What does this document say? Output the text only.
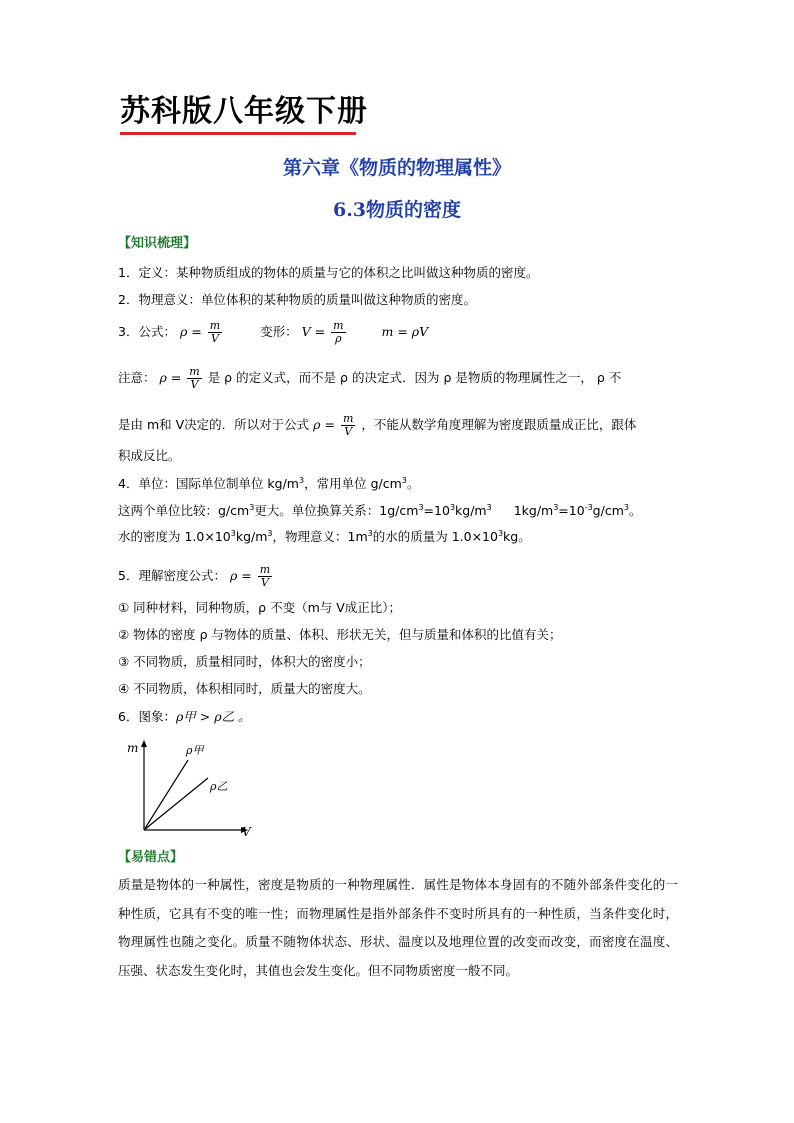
苏科版八年级下册
第六章《物质的物理属性》
6.3物质的密度
【知识梳理】
1．定义：某种物质组成的物体的质量与它的体积之比叫做这种物质的密度。
2．物理意义：单位体积的某种物质的质量叫做这种物质的密度。
3．公式： $\rho = \frac{m}{V}$	变形： $V = \frac{m}{\rho}$	m = ρV
注意： $\rho = \frac{m}{V}$ 是 ρ 的定义式，而不是 ρ 的决定式．因为 ρ 是物质的物理属性之一， ρ 不
是由 m和 V决定的．所以对于公式 $\rho = \frac{m}{V}$ ，不能从数学角度理解为密度跟质量成正比，跟体
积成反比。
4．单位：国际单位制单位 $kg/m^3$，常用单位 $g/cm^3$。
这两个单位比较：$g/cm^3$更大。单位换算关系：$1g/cm^3=10^3kg/m^3$ $1kg/m^3=10^{-3}g/cm^3$。
水的密度为 $1.0\times 10^3kg/m^3$，物理意义：$1m^3$的水的质量为 $1.0\times 10^3kg$。
5．理解密度公式： $\rho = \frac{m}{V}$
① 同种材料，同种物质，ρ 不变（m与 V成正比）；
② 物体的密度 ρ 与物体的质量、体积、形状无关，但与质量和体积的比值有关；
③ 不同物质，质量相同时，体积大的密度小；
④ 不同物质，体积相同时，质量大的密度大。
6．图象：ρ甲 > ρ乙 。
m
V
ρ甲
ρ乙
【易错点】
质量是物体的一种属性，密度是物质的一种物理属性．属性是物体本身固有的不随外部条件变化的一种性质，它具有不变的唯一性；而物理属性是指外部条件不变时所具有的一种性质，当条件变化时，物理属性也随之变化。质量不随物体状态、形状、温度以及地理位置的改变而改变，而密度在温度、压强、状态发生变化时，其值也会发生变化。但不同物质密度一般不同。
